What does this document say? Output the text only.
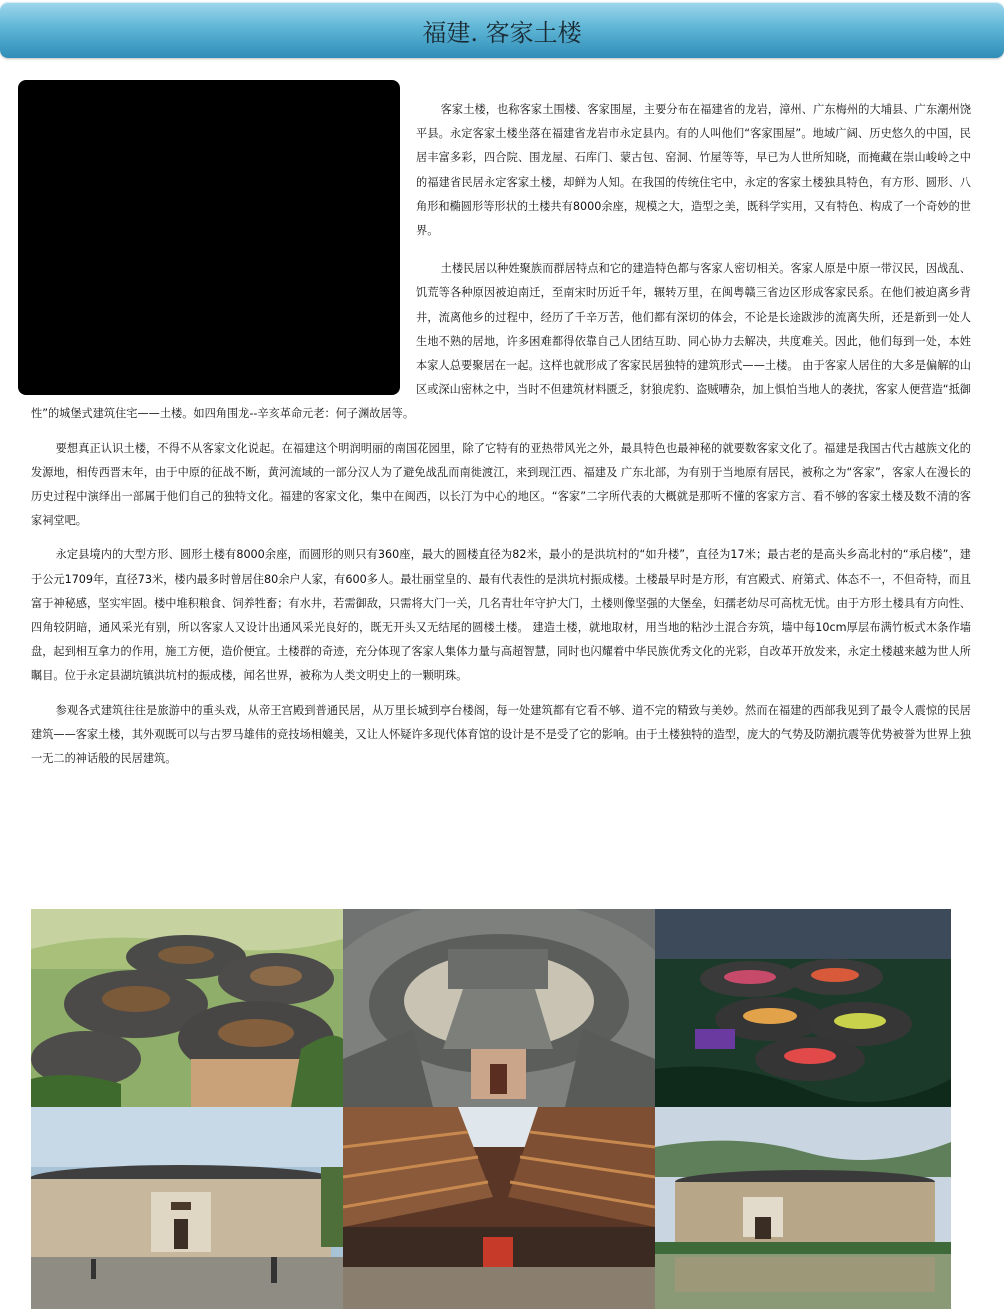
福建. 客家土楼

客家土楼，也称客家土围楼、客家围屋，主要分布在福建省的龙岩，漳州、广东梅州的大埔县、广东潮州饶平县。永定客家土楼坐落在福建省龙岩市永定县内。有的人叫他们“客家围屋”。地域广阔、历史悠久的中国，民居丰富多彩，四合院、围龙屋、石库门、蒙古包、窑洞、竹屋等等，早已为人世所知晓，而掩藏在崇山峻岭之中的福建省民居永定客家土楼，却鲜为人知。在我国的传统住宅中，永定的客家土楼独具特色，有方形、圆形、八角形和椭圆形等形状的土楼共有8000余座，规模之大，造型之美，既科学实用，又有特色、构成了一个奇妙的世界。

土楼民居以种姓聚族而群居特点和它的建造特色都与客家人密切相关。客家人原是中原一带汉民，因战乱、饥荒等各种原因被迫南迁，至南宋时历近千年，辗转万里，在闽粤赣三省边区形成客家民系。在他们被迫离乡背井，流离他乡的过程中，经历了千辛万苦，他们都有深切的体会，不论是长途跋涉的流离失所，还是新到一处人生地不熟的居地，许多困难都得依靠自己人团结互助、同心协力去解决，共度难关。因此，他们每到一处，本姓本家人总要聚居在一起。这样也就形成了客家民居独特的建筑形式——土楼。 由于客家人居住的大多是偏解的山区或深山密林之中，当时不但建筑材料匮乏，豺狼虎豹、盗贼嘈杂，加上惧怕当地人的袭扰，客家人便营造“抵御性”的城堡式建筑住宅——土楼。如四角围龙--辛亥革命元老：何子渊故居等。

要想真正认识土楼，不得不从客家文化说起。在福建这个明润明丽的南国花园里，除了它特有的亚热带风光之外，最具特色也最神秘的就要数客家文化了。福建是我国古代古越族文化的发源地，相传西晋末年，由于中原的征战不断，黄河流域的一部分汉人为了避免战乱而南徙渡江，来到现江西、福建及 广东北部，为有别于当地原有居民，被称之为“客家”，客家人在漫长的历史过程中演绎出一部属于他们自己的独特文化。福建的客家文化，集中在闽西，以长汀为中心的地区。“客家”二字所代表的大概就是那听不懂的客家方言、看不够的客家土楼及数不清的客家祠堂吧。

永定县境内的大型方形、圆形土楼有8000余座，而圆形的则只有360座，最大的圆楼直径为82米，最小的是洪坑村的“如升楼”，直径为17米；最古老的是高头乡高北村的“承启楼”，建于公元1709年，直径73米，楼内最多时曾居住80余户人家，有600多人。最壮丽堂皇的、最有代表性的是洪坑村振成楼。土楼最早时是方形，有宫殿式、府第式、体态不一，不但奇特，而且富于神秘感，坚实牢固。楼中堆积粮食、饲养牲畜；有水井，若需御敌，只需将大门一关，几名青壮年守护大门，土楼则像坚强的大堡垒，妇孺老幼尽可高枕无忧。由于方形土楼具有方向性、四角较阴暗，通风采光有别，所以客家人又设计出通风采光良好的，既无开头又无结尾的圆楼土楼。 建造土楼，就地取材，用当地的粘沙土混合夯筑，墙中每10cm厚层布满竹板式木条作墙盘，起到相互拿力的作用，施工方便，造价便宜。土楼群的奇迹，充分体现了客家人集体力量与高超智慧，同时也闪耀着中华民族优秀文化的光彩，自改革开放发来，永定土楼越来越为世人所瞩目。位于永定县湖坑镇洪坑村的振成楼，闻名世界，被称为人类文明史上的一颗明珠。

参观各式建筑往往是旅游中的重头戏，从帝王宫殿到普通民居，从万里长城到亭台楼阁，每一处建筑都有它看不够、道不完的精致与美妙。然而在福建的西部我见到了最令人震惊的民居建筑——客家土楼，其外观既可以与古罗马雄伟的竞技场相媲美，又让人怀疑许多现代体育馆的设计是不是受了它的影响。由于土楼独特的造型，庞大的气势及防潮抗震等优势被誉为世界上独一无二的神话般的民居建筑。
